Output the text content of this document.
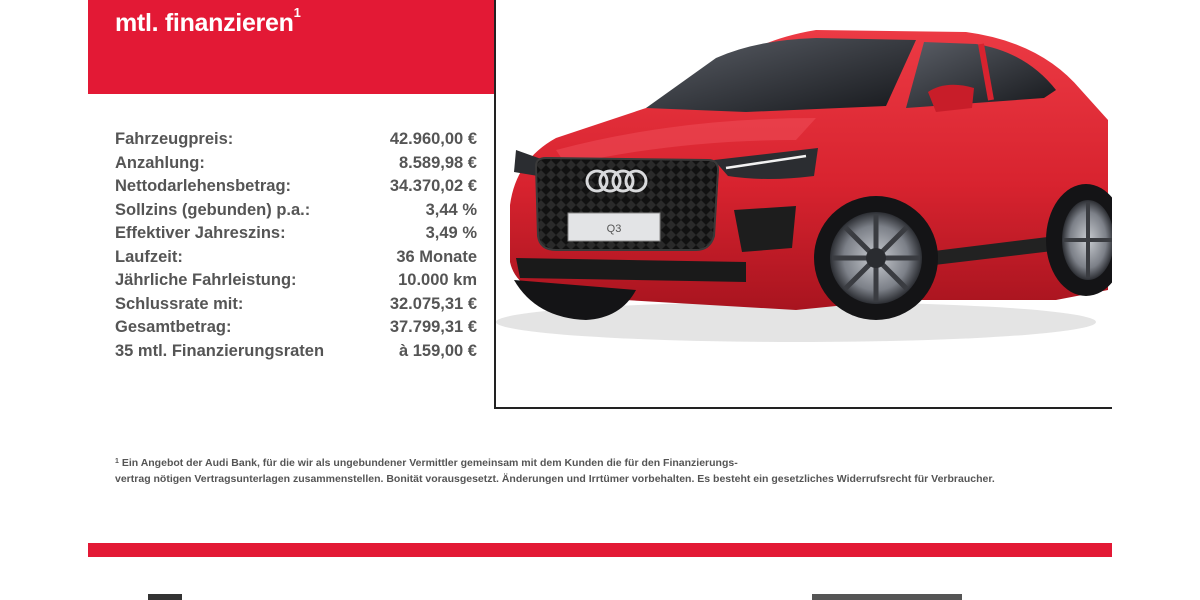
mtl. finanzieren$^1$
Fahrzeugpreis:	42.960,00 €
Anzahlung:	8.589,98 €
Nettodarlehensbetrag:	34.370,02 €
Sollzins (gebunden) p.a.:	3,44 %
Effektiver Jahreszins:	3,49 %
Laufzeit:	36 Monate
Jährliche Fahrleistung:	10.000 km
Schlussrate mit:	32.075,31 €
Gesamtbetrag:	37.799,31 €
35 mtl. Finanzierungsraten	à 159,00 €
Q3
$^1$ Ein Angebot der Audi Bank, für die wir als ungebundener Vermittler gemeinsam mit dem Kunden die für den Finanzierungs-
vertrag nötigen Vertragsunterlagen zusammenstellen. Bonität vorausgesetzt. Änderungen und Irrtümer vorbehalten. Es besteht ein gesetzliches Widerrufsrecht für Verbraucher.
